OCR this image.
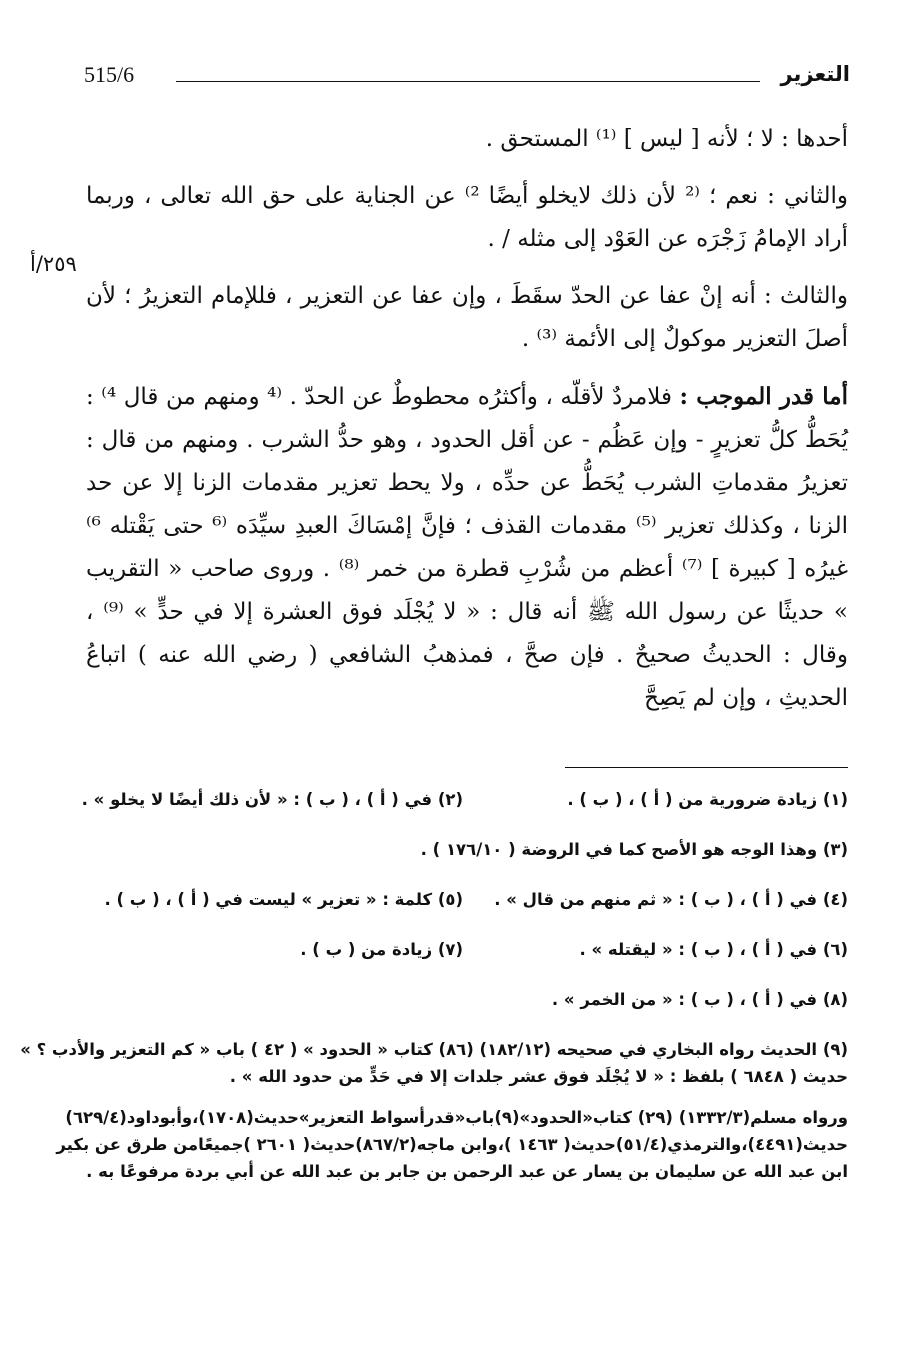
التعزير
515/6
٢٥٩/أ

أحدها : لا ؛ لأنه [ ليس ] ⁽¹⁾ المستحق .

والثاني : نعم ؛ ⁽² لأن ذلك لايخلو أيضًا ²⁾ عن الجناية على حق الله تعالى ، وربما أراد الإمامُ زَجْرَه عن العَوْد إلى مثله / .

والثالث : أنه إنْ عفا عن الحدّ سقَطَ ، وإن عفا عن التعزير ، فللإمام التعزيرُ ؛ لأن أصلَ التعزير موكولٌ إلى الأئمة ⁽³⁾ .

أما قدر الموجب : فلامردٌ لأقلّه ، وأكثرُه محطوطٌ عن الحدّ . ⁽⁴ ومنهم من قال ⁴⁾ : يُحَطُّ كلُّ تعزيرٍ - وإن عَظُم - عن أقل الحدود ، وهو حدُّ الشرب . ومنهم من قال : تعزيرُ مقدماتِ الشرب يُحَطُّ عن حدِّه ، ولا يحط تعزير مقدمات الزنا إلا عن حد الزنا ، وكذلك تعزير ⁽⁵⁾ مقدمات القذف ؛ فإنَّ إمْسَاكَ العبدِ سيِّدَه ⁽⁶ حتى يَقْتله ⁶⁾ غيرُه [ كبيرة ] ⁽⁷⁾ أعظم من شُرْبِ قطرة من خمر ⁽⁸⁾ . وروى صاحب « التقريب » حديثًا عن رسول الله ﷺ أنه قال : « لا يُجْلَد فوق العشرة إلا في حدٍّ » ⁽⁹⁾ ، وقال : الحديثُ صحيحٌ . فإن صحَّ ، فمذهبُ الشافعي ( رضي الله عنه ) اتباعُ الحديثِ ، وإن لم يَصِحَّ

(١) زيادة ضرورية من ( أ ) ، ( ب ) .
(٢) في ( أ ) ، ( ب ) : « لأن ذلك أيضًا لا يخلو » .
(٣) وهذا الوجه هو الأصح كما في الروضة ( ١٧٦/١٠ ) .
(٤) في ( أ ) ، ( ب ) : « ثم منهم من قال » .
(٥) كلمة : « تعزير » ليست في ( أ ) ، ( ب ) .
(٦) في ( أ ) ، ( ب ) : « ليقتله » .
(٧) زيادة من ( ب ) .
(٨) في ( أ ) ، ( ب ) : « من الخمر » .
(٩) الحديث رواه البخاري في صحيحه (١٨٢/١٢) (٨٦) كتاب « الحدود » ( ٤٢ ) باب « كم التعزير والأدب ؟ »
حديث ( ٦٨٤٨ ) بلفظ : « لا يُجْلَد فوق عشر جلدات إلا في حَدٍّ من حدود الله » .
ورواه مسلم(١٣٣٢/٣) (٢٩) كتاب«الحدود»(٩)باب«قدرأسواط التعزير»حديث(١٧٠٨)،وأبوداود(٦٢٩/٤)
حديث(٤٤٩١)،والترمذي(٥١/٤)حديث( ١٤٦٣ )،وابن ماجه(٨٦٧/٢)حديث( ٢٦٠١ )جميعًامن طرق عن بكير
ابن عبد الله عن سليمان بن يسار عن عبد الرحمن بن جابر بن عبد الله عن أبي بردة مرفوعًا به .
